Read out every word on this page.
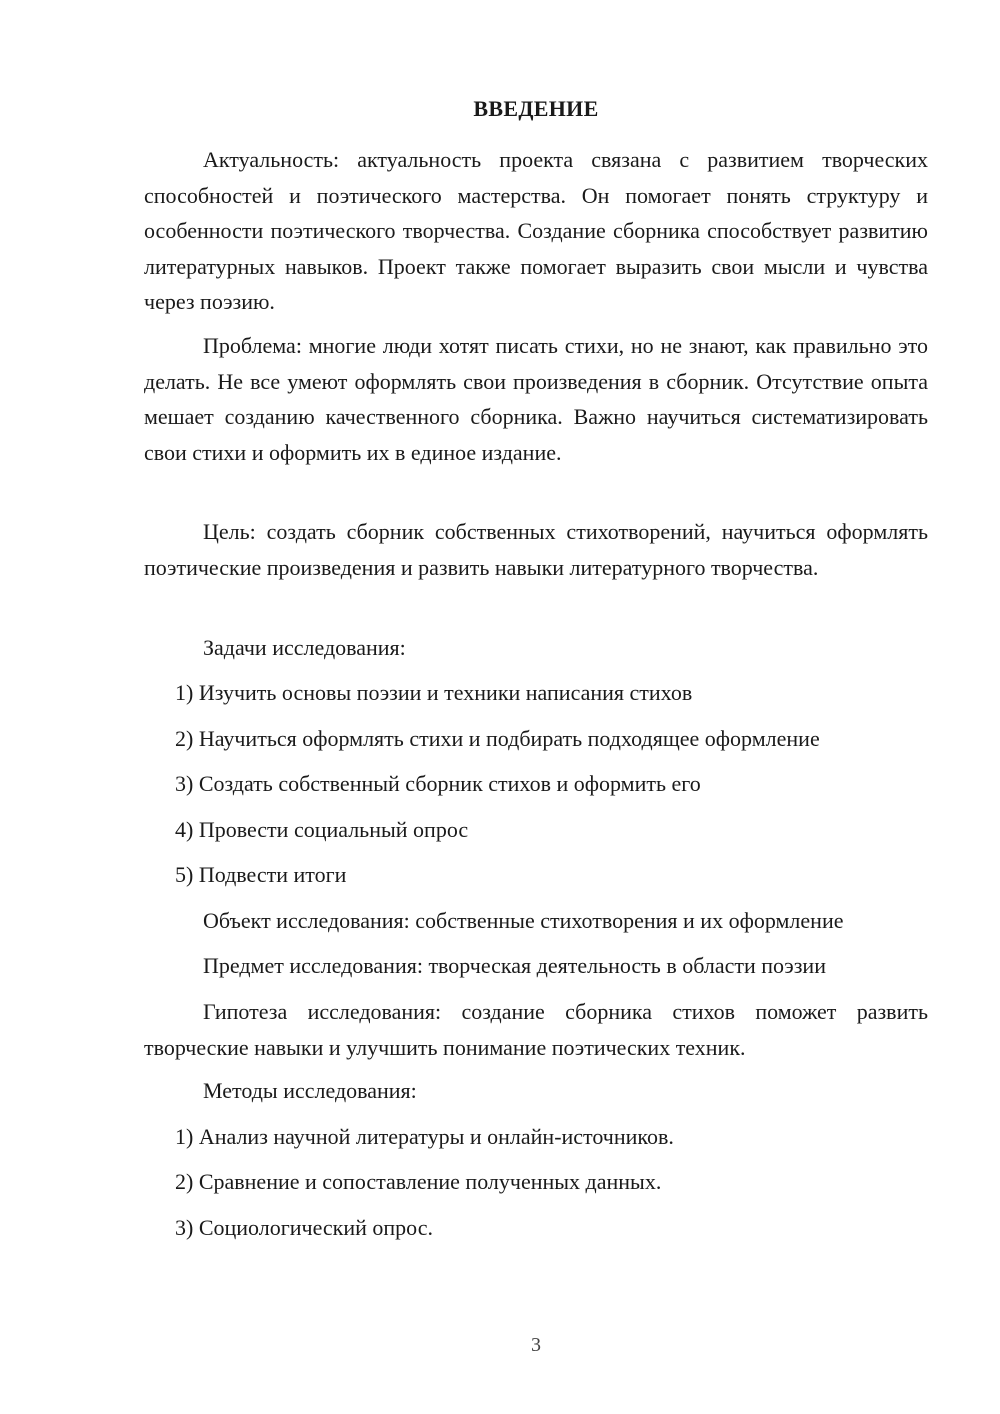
ВВЕДЕНИЕ

Актуальность: актуальность проекта связана с развитием творческих способностей и поэтического мастерства. Он помогает понять структуру и особенности поэтического творчества. Создание сборника способствует развитию литературных навыков. Проект также помогает выразить свои мысли и чувства через поэзию.

Проблема: многие люди хотят писать стихи, но не знают, как правильно это делать. Не все умеют оформлять свои произведения в сборник. Отсутствие опыта мешает созданию качественного сборника. Важно научиться систематизировать свои стихи и оформить их в единое издание.

Цель: создать сборник собственных стихотворений, научиться оформлять поэтические произведения и развить навыки литературного творчества.

Задачи исследования:

1) Изучить основы поэзии и техники написания стихов

2) Научиться оформлять стихи и подбирать подходящее оформление

3) Создать собственный сборник стихов и оформить его

4) Провести социальный опрос

5) Подвести итоги

Объект исследования: собственные стихотворения и их оформление

Предмет исследования: творческая деятельность в области поэзии

Гипотеза исследования: создание сборника стихов поможет развить творческие навыки и улучшить понимание поэтических техник.

Методы исследования:

1) Анализ научной литературы и онлайн-источников.

2) Сравнение и сопоставление полученных данных.

3) Социологический опрос.

3
